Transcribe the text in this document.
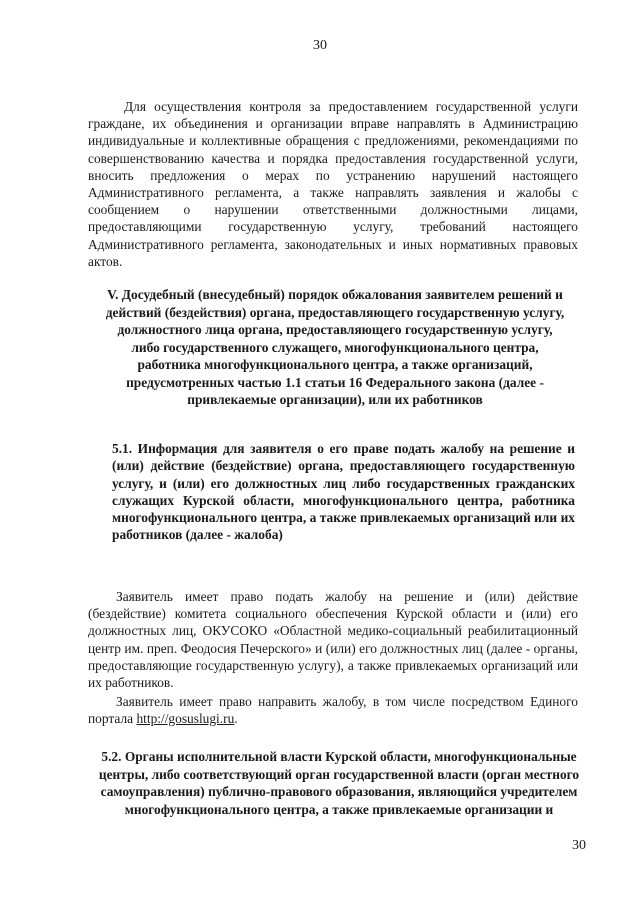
30

Для осуществления контроля за предоставлением государственной услуги граждане, их объединения и организации вправе направлять в Администрацию индивидуальные и коллективные обращения с предложениями, рекомендациями по совершенствованию качества и порядка предоставления государственной услуги, вносить предложения о мерах по устранению нарушений настоящего Административного регламента, а также направлять заявления и жалобы с сообщением о нарушении ответственными должностными лицами, предоставляющими государственную услугу, требований настоящего Административного регламента, законодательных и иных нормативных правовых актов.

V. Досудебный (внесудебный) порядок обжалования заявителем решений и действий (бездействия) органа, предоставляющего государственную услугу, должностного лица органа, предоставляющего государственную услугу, либо государственного служащего, многофункционального центра, работника многофункционального центра, а также организаций, предусмотренных частью 1.1 статьи 16 Федерального закона (далее - привлекаемые организации), или их работников

5.1. Информация для заявителя о его праве подать жалобу на решение и (или) действие (бездействие) органа, предоставляющего государственную услугу, и (или) его должностных лиц либо государственных гражданских служащих Курской области, многофункционального центра, работника многофункционального центра, а также привлекаемых организаций или их работников (далее - жалоба)

Заявитель имеет право подать жалобу на решение и (или) действие (бездействие) комитета социального обеспечения Курской области и (или) его должностных лиц, ОКУСОКО «Областной медико-социальный реабилитационный центр им. преп. Феодосия Печерского» и (или) его должностных лиц (далее - органы, предоставляющие государственную услугу), а также привлекаемых организаций или их работников.

Заявитель имеет право направить жалобу, в том числе посредством Единого портала http://gosuslugi.ru.

5.2. Органы исполнительной власти Курской области, многофункциональные центры, либо соответствующий орган государственной власти (орган местного самоуправления) публично-правового образования, являющийся учредителем многофункционального центра, а также привлекаемые организации и

30
